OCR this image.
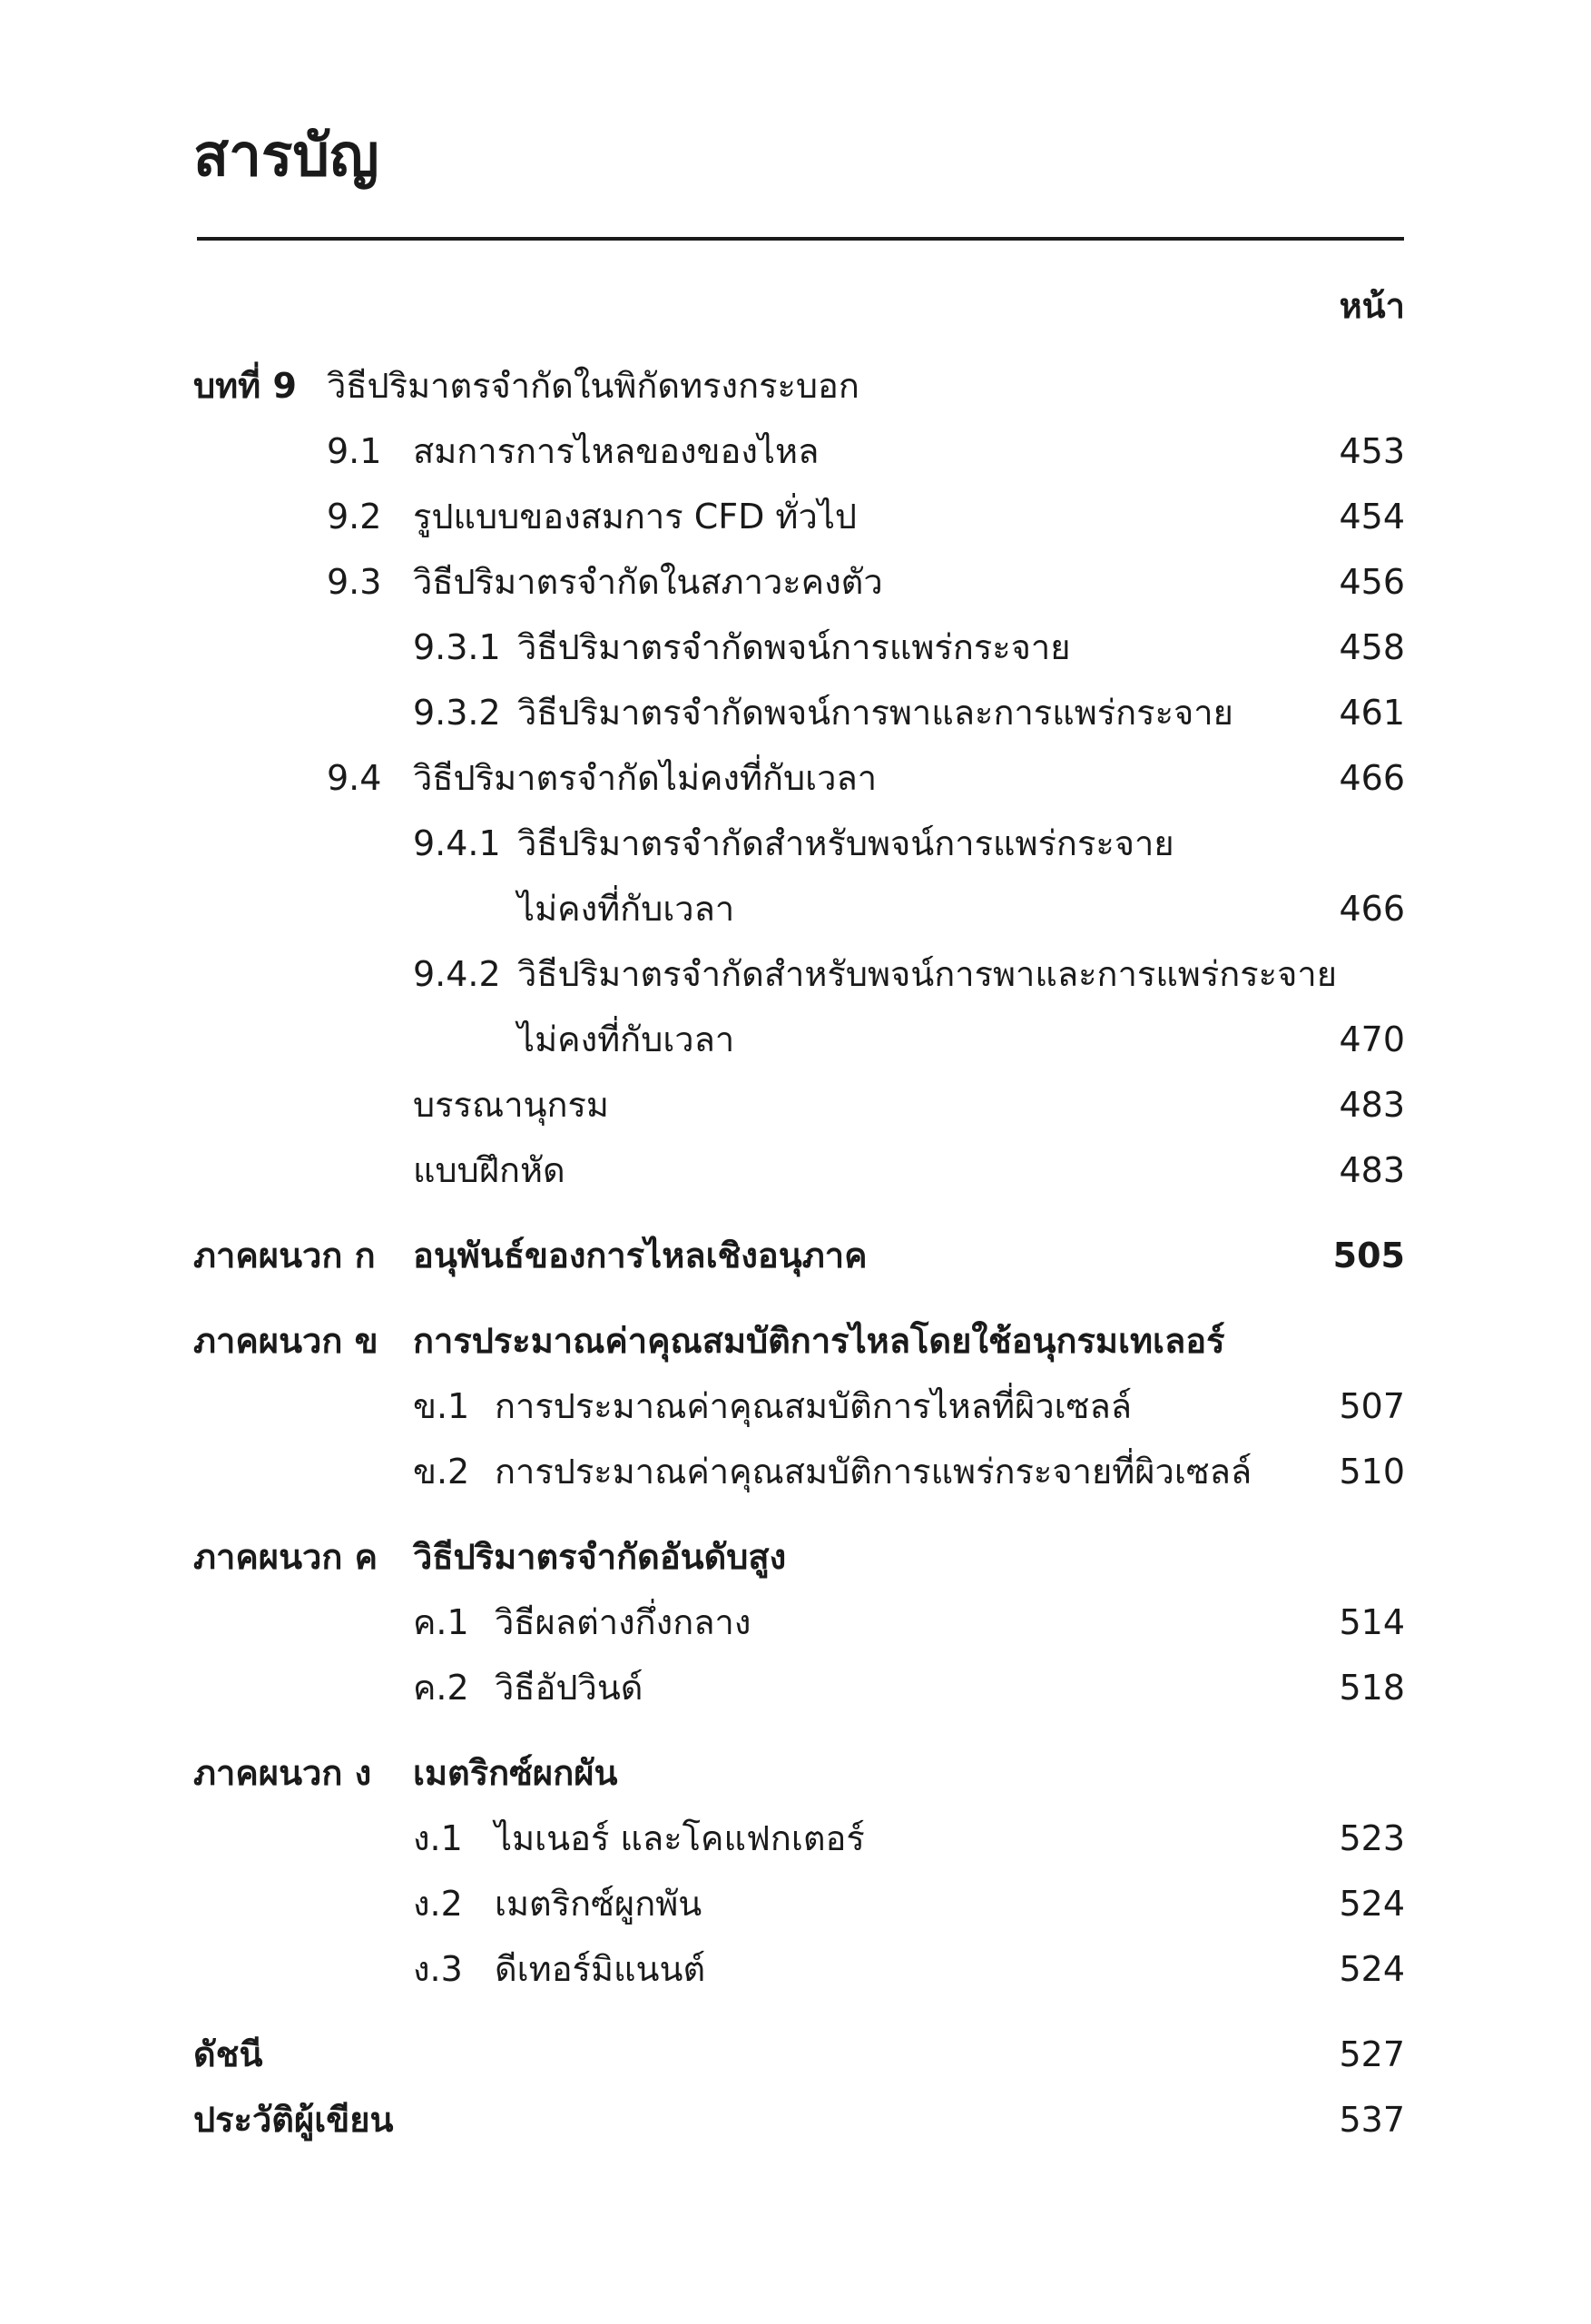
สารบัญ
หน้า
บทที่ 9 วิธีปริมาตรจำกัดในพิกัดทรงกระบอก
9.1 สมการการไหลของของไหล	453
9.2 รูปแบบของสมการ CFD ทั่วไป	454
9.3 วิธีปริมาตรจำกัดในสภาวะคงตัว	456
9.3.1 วิธีปริมาตรจำกัดพจน์การแพร่กระจาย	458
9.3.2 วิธีปริมาตรจำกัดพจน์การพาและการแพร่กระจาย	461
9.4 วิธีปริมาตรจำกัดไม่คงที่กับเวลา	466
9.4.1 วิธีปริมาตรจำกัดสำหรับพจน์การแพร่กระจาย
ไม่คงที่กับเวลา	466
9.4.2 วิธีปริมาตรจำกัดสำหรับพจน์การพาและการแพร่กระจาย
ไม่คงที่กับเวลา	470
บรรณานุกรม	483
แบบฝึกหัด	483
ภาคผนวก ก อนุพันธ์ของการไหลเชิงอนุภาค	505
ภาคผนวก ข การประมาณค่าคุณสมบัติการไหลโดยใช้อนุกรมเทเลอร์
ข.1 การประมาณค่าคุณสมบัติการไหลที่ผิวเซลล์	507
ข.2 การประมาณค่าคุณสมบัติการแพร่กระจายที่ผิวเซลล์	510
ภาคผนวก ค วิธีปริมาตรจำกัดอันดับสูง
ค.1 วิธีผลต่างกึ่งกลาง	514
ค.2 วิธีอัปวินด์	518
ภาคผนวก ง เมตริกซ์ผกผัน
ง.1 ไมเนอร์ และโคแฟกเตอร์	523
ง.2 เมตริกซ์ผูกพัน	524
ง.3 ดีเทอร์มิแนนต์	524
ดัชนี	527
ประวัติผู้เขียน	537
